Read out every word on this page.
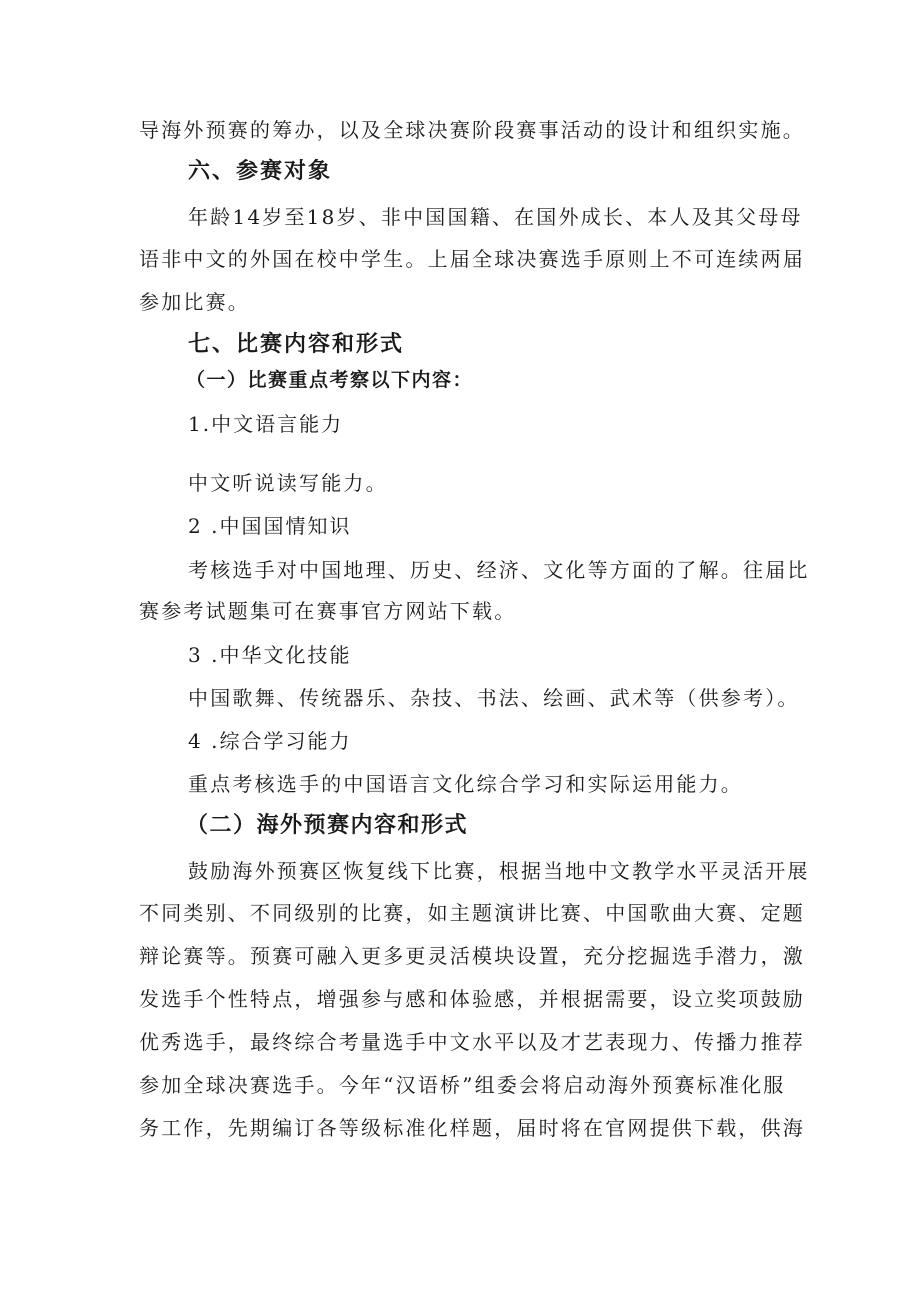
导海外预赛的筹办，以及全球决赛阶段赛事活动的设计和组织实施。
六、参赛对象
年龄14岁至18岁、非中国国籍、在国外成长、本人及其父母母
语非中文的外国在校中学生。上届全球决赛选手原则上不可连续两届
参加比赛。
七、比赛内容和形式
（一）比赛重点考察以下内容：
1.中文语言能力
中文听说读写能力。
2 .中国国情知识
考核选手对中国地理、历史、经济、文化等方面的了解。往届比
赛参考试题集可在赛事官方网站下载。
3 .中华文化技能
中国歌舞、传统器乐、杂技、书法、绘画、武术等（供参考）。
4 .综合学习能力
重点考核选手的中国语言文化综合学习和实际运用能力。
（二）海外预赛内容和形式
鼓励海外预赛区恢复线下比赛，根据当地中文教学水平灵活开展
不同类别、不同级别的比赛，如主题演讲比赛、中国歌曲大赛、定题
辩论赛等。预赛可融入更多更灵活模块设置，充分挖掘选手潜力，激
发选手个性特点，增强参与感和体验感，并根据需要，设立奖项鼓励
优秀选手，最终综合考量选手中文水平以及才艺表现力、传播力推荐
参加全球决赛选手。今年“汉语桥”组委会将启动海外预赛标准化服
务工作，先期编订各等级标准化样题，届时将在官网提供下载，供海
